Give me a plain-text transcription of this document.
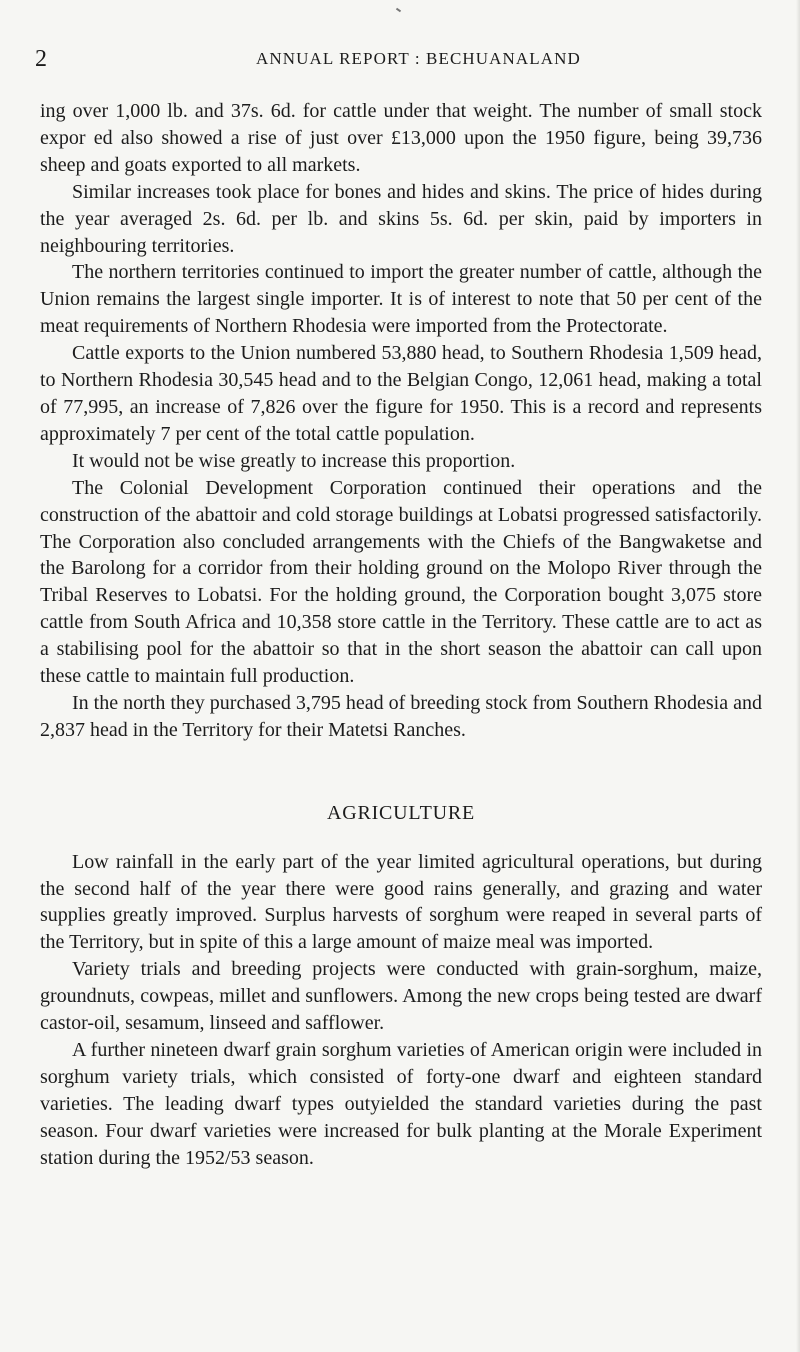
2	ANNUAL REPORT : BECHUANALAND

ing over 1,000 lb. and 37s. 6d. for cattle under that weight. The number of small stock expor ed also showed a rise of just over £13,000 upon the 1950 figure, being 39,736 sheep and goats exported to all markets.

Similar increases took place for bones and hides and skins. The price of hides during the year averaged 2s. 6d. per lb. and skins 5s. 6d. per skin, paid by importers in neighbouring territories.

The northern territories continued to import the greater number of cattle, although the Union remains the largest single importer. It is of interest to note that 50 per cent of the meat requirements of Northern Rhodesia were imported from the Protectorate.

Cattle exports to the Union numbered 53,880 head, to Southern Rhodesia 1,509 head, to Northern Rhodesia 30,545 head and to the Belgian Congo, 12,061 head, making a total of 77,995, an increase of 7,826 over the figure for 1950. This is a record and represents approximately 7 per cent of the total cattle population.

It would not be wise greatly to increase this proportion.

The Colonial Development Corporation continued their operations and the construction of the abattoir and cold storage buildings at Lobatsi progressed satisfactorily. The Corporation also concluded arrangements with the Chiefs of the Bangwaketse and the Barolong for a corridor from their holding ground on the Molopo River through the Tribal Reserves to Lobatsi. For the holding ground, the Corporation bought 3,075 store cattle from South Africa and 10,358 store cattle in the Territory. These cattle are to act as a stabilising pool for the abattoir so that in the short season the abattoir can call upon these cattle to maintain full production.

In the north they purchased 3,795 head of breeding stock from Southern Rhodesia and 2,837 head in the Territory for their Matetsi Ranches.

AGRICULTURE

Low rainfall in the early part of the year limited agricultural operations, but during the second half of the year there were good rains generally, and grazing and water supplies greatly improved. Surplus harvests of sorghum were reaped in several parts of the Territory, but in spite of this a large amount of maize meal was imported.

Variety trials and breeding projects were conducted with grain-sorghum, maize, groundnuts, cowpeas, millet and sunflowers. Among the new crops being tested are dwarf castor-oil, sesamum, linseed and safflower.

A further nineteen dwarf grain sorghum varieties of American origin were included in sorghum variety trials, which consisted of forty-one dwarf and eighteen standard varieties. The leading dwarf types outyielded the standard varieties during the past season. Four dwarf varieties were increased for bulk planting at the Morale Experiment station during the 1952/53 season.
